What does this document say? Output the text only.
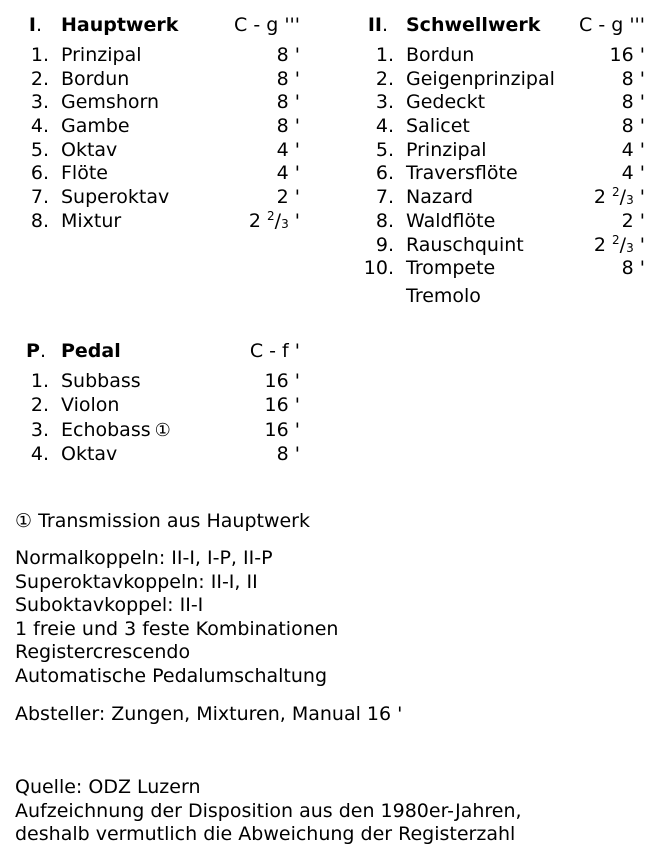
I. Hauptwerk	C - g '''
1. Prinzipal	8 '
2. Bordun	8 '
3. Gemshorn	8 '
4. Gambe	8 '
5. Oktav	4 '
6. Flöte	4 '
7. Superoktav	2 '
8. Mixtur	2 $^2/_3$ '
II. Schwellwerk C - g '''
1. Bordun	16 '
2. Geigenprinzipal	8 '
3. Gedeckt	8 '
4. Salicet	8 '
5. Prinzipal	4 '
6. Traversflöte	4 '
7. Nazard	2 $^2/_3$ '
8. Waldflöte	2 '
9. Rauschquint	2 $^2/_3$ '
10. Trompete	8 '
Tremolo
P. Pedal	C - f '
1. Subbass	16 '
2. Violon	16 '
3. Echobass ①	16 '
4. Oktav	8 '
① Transmission aus Hauptwerk
Normalkoppeln: II-I, I-P, II-P
Superoktavkoppeln: II-I, II
Suboktavkoppel: II-I
1 freie und 3 feste Kombinationen
Registercrescendo
Automatische Pedalumschaltung
Absteller: Zungen, Mixturen, Manual 16 '
Quelle: ODZ Luzern
Aufzeichnung der Disposition aus den 1980er-Jahren,
deshalb vermutlich die Abweichung der Registerzahl
